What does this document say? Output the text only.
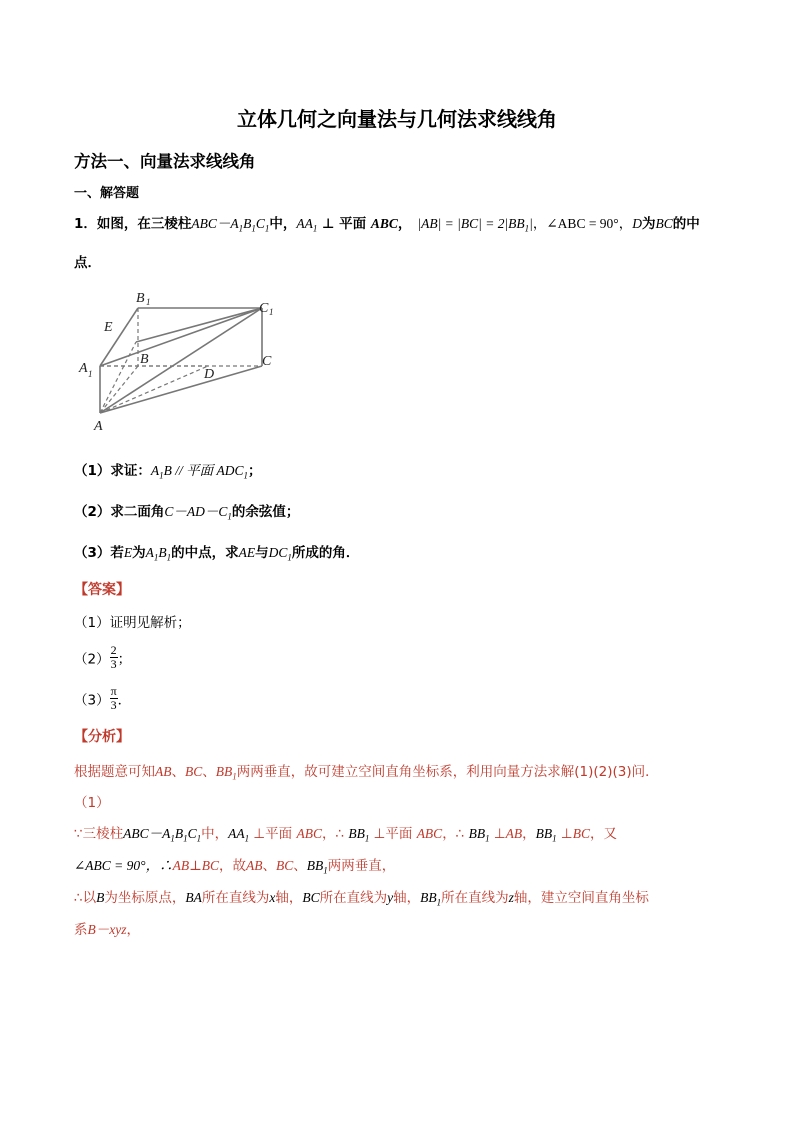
立体几何之向量法与几何法求线线角
方法一、向量法求线线角
一、解答题
1．如图，在三棱柱$ABC-A_1B_1C_1$中，$AA_1$ ⊥ 平面 ABC， $|AB| = |BC| = 2|BB_1|$，∠ABC = 90°，D为BC的中
点．
B 1	C 1
E
A 1
B
D
C
A
（1）求证：$A_1B$ // 平面 $ADC_1$；
（2）求二面角$C-AD-C_1$的余弦值；
（3）若E为$A_1B_1$的中点，求AE与$DC_1$所成的角．
【答案】
（1）证明见解析；
$(2) \frac{2}{3}$ ；
$(3) \frac{\pi}{3}$ ．
【分析】
根据题意可知AB、BC、$BB_1$两两垂直，故可建立空间直角坐标系，利用向量方法求解(1)(2)(3)问．
（1）
∵三棱柱$ABC-A_1B_1C_1$中，$AA_1$ ⊥平面 ABC，∴ $BB_1$ ⊥平面 ABC，∴ $BB_1$ ⊥AB，$BB_1$ ⊥BC，又
∠ABC = 90°，∴AB⊥BC，故AB、BC、$BB_1$两两垂直，
∴以B为坐标原点，BA所在直线为x轴，BC所在直线为y轴，$BB_1$所在直线为z轴，建立空间直角坐标
系B－xyz，
